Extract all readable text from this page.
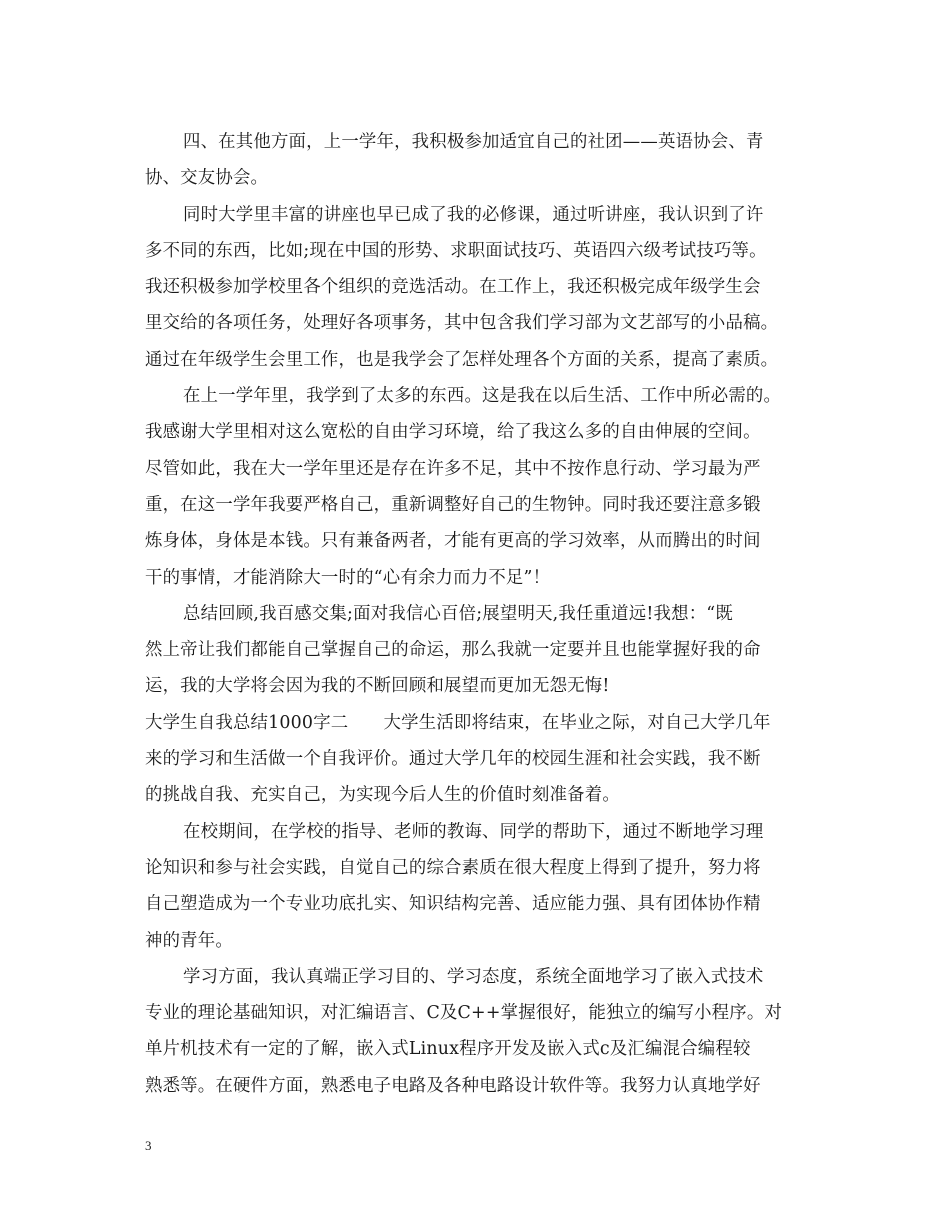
四、在其他方面，上一学年，我积极参加适宜自己的社团——英语协会、青
协、交友协会。
同时大学里丰富的讲座也早已成了我的必修课，通过听讲座，我认识到了许
多不同的东西，比如;现在中国的形势、求职面试技巧、英语四六级考试技巧等。
我还积极参加学校里各个组织的竞选活动。在工作上，我还积极完成年级学生会
里交给的各项任务，处理好各项事务，其中包含我们学习部为文艺部写的小品稿。
通过在年级学生会里工作，也是我学会了怎样处理各个方面的关系，提高了素质。
在上一学年里，我学到了太多的东西。这是我在以后生活、工作中所必需的。
我感谢大学里相对这么宽松的自由学习环境，给了我这么多的自由伸展的空间。
尽管如此，我在大一学年里还是存在许多不足，其中不按作息行动、学习最为严
重，在这一学年我要严格自己，重新调整好自己的生物钟。同时我还要注意多锻
炼身体，身体是本钱。只有兼备两者，才能有更高的学习效率，从而腾出的时间
干的事情，才能消除大一时的“心有余力而力不足”！
总结回顾,我百感交集;面对我信心百倍;展望明天,我任重道远!我想：“既
然上帝让我们都能自己掌握自己的命运，那么我就一定要并且也能掌握好我的命
运，我的大学将会因为我的不断回顾和展望而更加无怨无悔!
大学生自我总结1000字二　　大学生活即将结束，在毕业之际，对自己大学几年
来的学习和生活做一个自我评价。通过大学几年的校园生涯和社会实践，我不断
的挑战自我、充实自己，为实现今后人生的价值时刻准备着。
在校期间，在学校的指导、老师的教诲、同学的帮助下，通过不断地学习理
论知识和参与社会实践，自觉自己的综合素质在很大程度上得到了提升，努力将
自己塑造成为一个专业功底扎实、知识结构完善、适应能力强、具有团体协作精
神的青年。
学习方面，我认真端正学习目的、学习态度，系统全面地学习了嵌入式技术
专业的理论基础知识，对汇编语言、C及C++掌握很好，能独立的编写小程序。对
单片机技术有一定的了解，嵌入式Linux程序开发及嵌入式c及汇编混合编程较
熟悉等。在硬件方面，熟悉电子电路及各种电路设计软件等。我努力认真地学好
3
